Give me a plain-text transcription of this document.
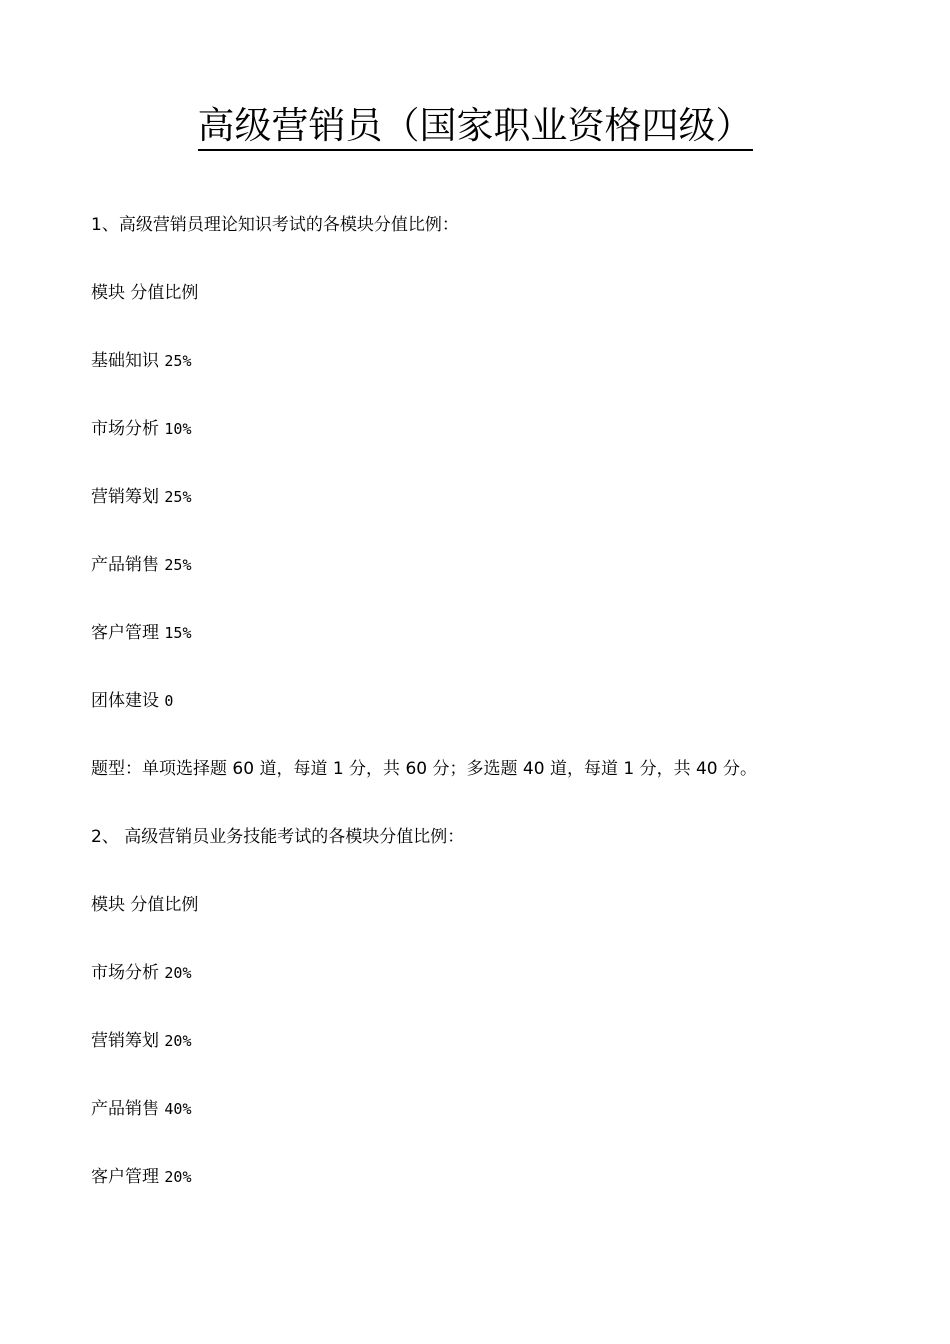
高级营销员（国家职业资格四级）

1、高级营销员理论知识考试的各模块分值比例：

模块 分值比例

基础知识 25%

市场分析 10%

营销筹划 25%

产品销售 25%

客户管理 15%

团体建设 0

题型：单项选择题 60 道，每道 1 分，共 60 分；多选题 40 道，每道 1 分，共 40 分。

2、 高级营销员业务技能考试的各模块分值比例：

模块 分值比例

市场分析 20%

营销筹划 20%

产品销售 40%

客户管理 20%
